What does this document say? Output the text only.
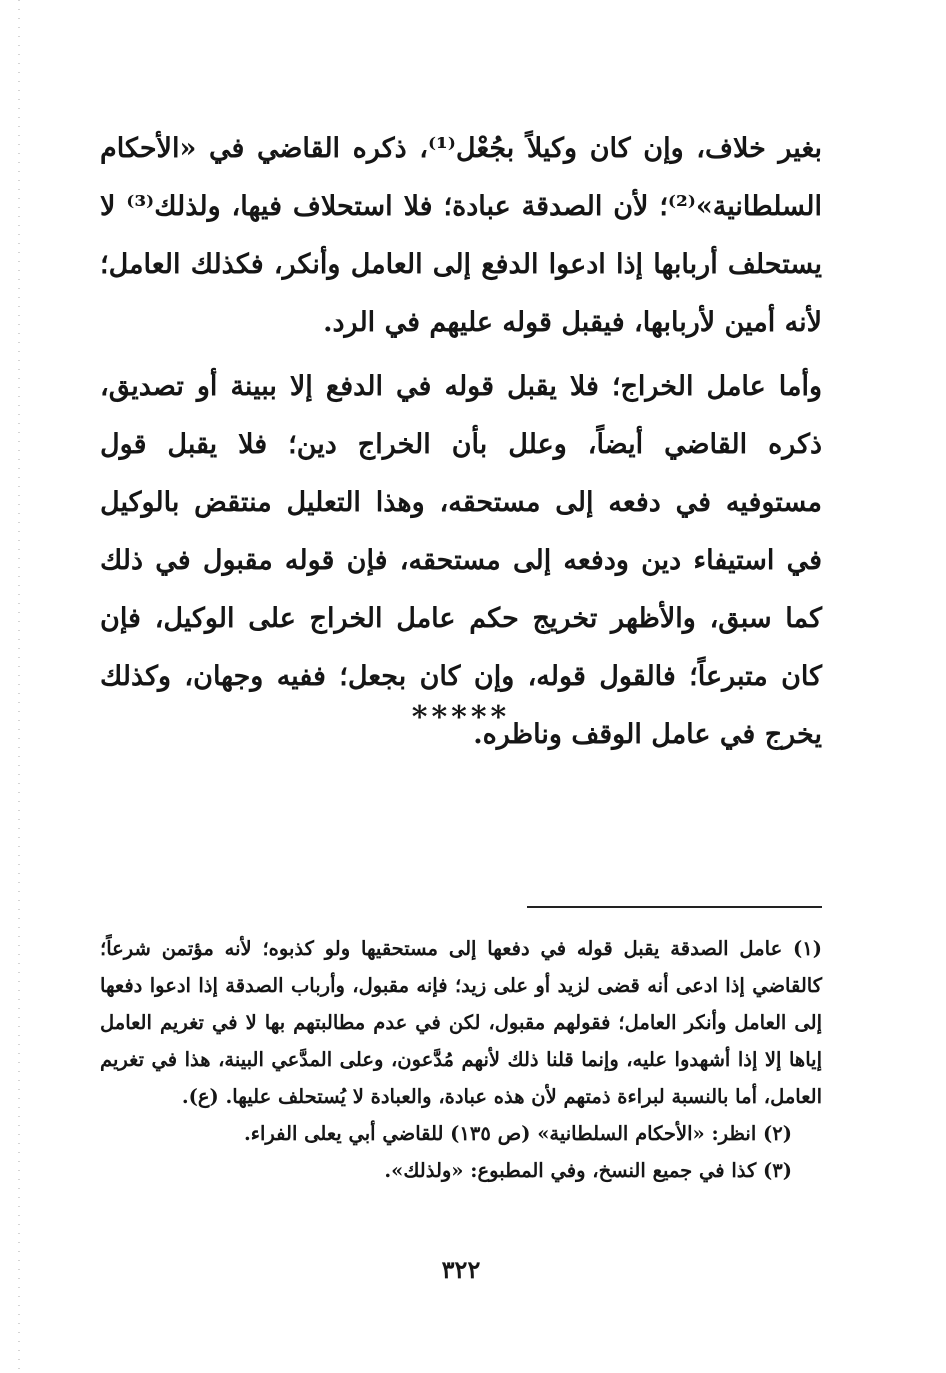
بغير خلاف، وإن كان وكيلاً بجُعْل⁽¹⁾، ذكره القاضي في «الأحكام السلطانية»⁽²⁾؛ لأن الصدقة عبادة؛ فلا استحلاف فيها، ولذلك⁽³⁾ لا يستحلف أربابها إذا ادعوا الدفع إلى العامل وأنكر، فكذلك العامل؛ لأنه أمين لأربابها، فيقبل قوله عليهم في الرد.

وأما عامل الخراج؛ فلا يقبل قوله في الدفع إلا ببينة أو تصديق، ذكره القاضي أيضاً، وعلل بأن الخراج دين؛ فلا يقبل قول مستوفيه في دفعه إلى مستحقه، وهذا التعليل منتقض بالوكيل في استيفاء دين ودفعه إلى مستحقه، فإن قوله مقبول في ذلك كما سبق، والأظهر تخريج حكم عامل الخراج على الوكيل، فإن كان متبرعاً؛ فالقول قوله، وإن كان بجعل؛ ففيه وجهان، وكذلك يخرج في عامل الوقف وناظره.

*****

(١) عامل الصدقة يقبل قوله في دفعها إلى مستحقيها ولو كذبوه؛ لأنه مؤتمن شرعاً؛ كالقاضي إذا ادعى أنه قضى لزيد أو على زيد؛ فإنه مقبول، وأرباب الصدقة إذا ادعوا دفعها إلى العامل وأنكر العامل؛ فقولهم مقبول، لكن في عدم مطالبتهم بها لا في تغريم العامل إياها إلا إذا أشهدوا عليه، وإنما قلنا ذلك لأنهم مُدَّعون، وعلى المدَّعي البينة، هذا في تغريم العامل، أما بالنسبة لبراءة ذمتهم لأن هذه عبادة، والعبادة لا يُستحلف عليها. (ع).

(٢) انظر: «الأحكام السلطانية» (ص ١٣٥) للقاضي أبي يعلى الفراء.

(٣) كذا في جميع النسخ، وفي المطبوع: «ولذلك».

٣٢٢
